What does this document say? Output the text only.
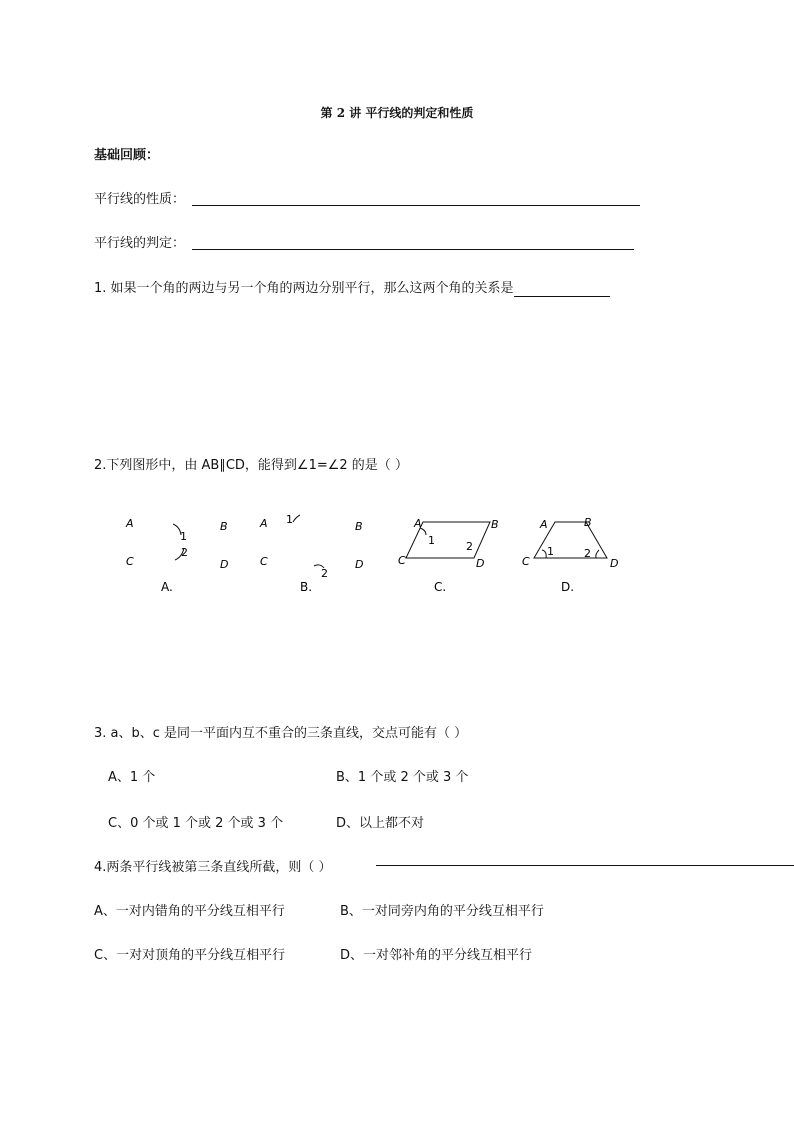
第 2 讲 平行线的判定和性质
基础回顾：
平行线的性质：
平行线的判定：
1. 如果一个角的两边与另一个角的两边分别平行，那么这两个角的关系是
2.下列图形中，由 AB∥CD，能得到∠1=∠2 的是（ ）
A	B
C	D
1
2
A.
A	B
C	D
1
2
B.
A	B
C	D
1	2
C.
A	B
C	D
1	2
D.
3. a、b、c 是同一平面内互不重合的三条直线，交点可能有（ ）
A、1 个	B、1 个或 2 个或 3 个
C、0 个或 1 个或 2 个或 3 个	D、以上都不对
4.两条平行线被第三条直线所截，则（ ）
A、一对内错角的平分线互相平行	B、一对同旁内角的平分线互相平行
C、一对对顶角的平分线互相平行	D、一对邻补角的平分线互相平行
